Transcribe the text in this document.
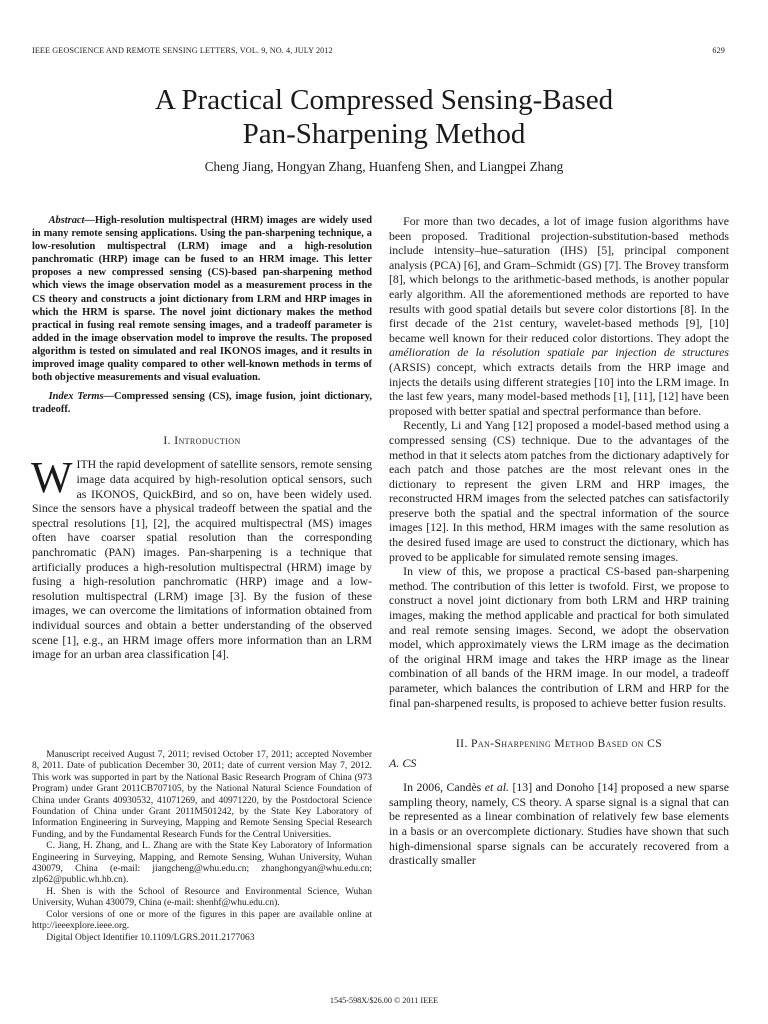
IEEE GEOSCIENCE AND REMOTE SENSING LETTERS, VOL. 9, NO. 4, JULY 2012	629
A Practical Compressed Sensing-Based
Pan-Sharpening Method
Cheng Jiang, Hongyan Zhang, Huanfeng Shen, and Liangpei Zhang

Abstract—High-resolution multispectral (HRM) images are widely used in many remote sensing applications. Using the pan-sharpening technique, a low-resolution multispectral (LRM) image and a high-resolution panchromatic (HRP) image can be fused to an HRM image. This letter proposes a new compressed sensing (CS)-based pan-sharpening method which views the image observation model as a measurement process in the CS theory and constructs a joint dictionary from LRM and HRP images in which the HRM is sparse. The novel joint dictionary makes the method practical in fusing real remote sensing images, and a tradeoff parameter is added in the image observation model to improve the results. The proposed algorithm is tested on simulated and real IKONOS images, and it results in improved image quality compared to other well-known methods in terms of both objective measurements and visual evaluation.

Index Terms—Compressed sensing (CS), image fusion, joint dictionary, tradeoff.

I. Introduction

WITH the rapid development of satellite sensors, remote sensing image data acquired by high-resolution optical sensors, such as IKONOS, QuickBird, and so on, have been widely used. Since the sensors have a physical tradeoff between the spatial and the spectral resolutions [1], [2], the acquired multispectral (MS) images often have coarser spatial resolution than the corresponding panchromatic (PAN) images. Pan-sharpening is a technique that artificially produces a high-resolution multispectral (HRM) image by fusing a high-resolution panchromatic (HRP) image and a low-resolution multispectral (LRM) image [3]. By the fusion of these images, we can overcome the limitations of information obtained from individual sources and obtain a better understanding of the observed scene [1], e.g., an HRM image offers more information than an LRM image for an urban area classification [4].

Manuscript received August 7, 2011; revised October 17, 2011; accepted November 8, 2011. Date of publication December 30, 2011; date of current version May 7, 2012. This work was supported in part by the National Basic Research Program of China (973 Program) under Grant 2011CB707105, by the National Natural Science Foundation of China under Grants 40930532, 41071269, and 40971220, by the Postdoctoral Science Foundation of China under Grant 2011M501242, by the State Key Laboratory of Information Engineering in Surveying, Mapping and Remote Sensing Special Research Funding, and by the Fundamental Research Funds for the Central Universities.

C. Jiang, H. Zhang, and L. Zhang are with the State Key Laboratory of Information Engineering in Surveying, Mapping, and Remote Sensing, Wuhan University, Wuhan 430079, China (e-mail: jiangcheng@whu.edu.cn; zhanghongyan@whu.edu.cn; zlp62@public.wh.hb.cn).

H. Shen is with the School of Resource and Environmental Science, Wuhan University, Wuhan 430079, China (e-mail: shenhf@whu.edu.cn).

Color versions of one or more of the figures in this paper are available online at http://ieeexplore.ieee.org.

Digital Object Identifier 10.1109/LGRS.2011.2177063

For more than two decades, a lot of image fusion algorithms have been proposed. Traditional projection-substitution-based methods include intensity–hue–saturation (IHS) [5], principal component analysis (PCA) [6], and Gram–Schmidt (GS) [7]. The Brovey transform [8], which belongs to the arithmetic-based methods, is another popular early algorithm. All the aforementioned methods are reported to have results with good spatial details but severe color distortions [8]. In the first decade of the 21st century, wavelet-based methods [9], [10] became well known for their reduced color distortions. They adopt the amélioration de la résolution spatiale par injection de structures (ARSIS) concept, which extracts details from the HRP image and injects the details using different strategies [10] into the LRM image. In the last few years, many model-based methods [1], [11], [12] have been proposed with better spatial and spectral performance than before.

Recently, Li and Yang [12] proposed a model-based method using a compressed sensing (CS) technique. Due to the advantages of the method in that it selects atom patches from the dictionary adaptively for each patch and those patches are the most relevant ones in the dictionary to represent the given LRM and HRP images, the reconstructed HRM images from the selected patches can satisfactorily preserve both the spatial and the spectral information of the source images [12]. In this method, HRM images with the same resolution as the desired fused image are used to construct the dictionary, which has proved to be applicable for simulated remote sensing images.

In view of this, we propose a practical CS-based pan-sharpening method. The contribution of this letter is twofold. First, we propose to construct a novel joint dictionary from both LRM and HRP training images, making the method applicable and practical for both simulated and real remote sensing images. Second, we adopt the observation model, which approximately views the LRM image as the decimation of the original HRM image and takes the HRP image as the linear combination of all bands of the HRM image. In our model, a tradeoff parameter, which balances the contribution of LRM and HRP for the final pan-sharpened results, is proposed to achieve better fusion results.

II. Pan-Sharpening Method Based on CS
A. CS

In 2006, Candès et al. [13] and Donoho [14] proposed a new sparse sampling theory, namely, CS theory. A sparse signal is a signal that can be represented as a linear combination of relatively few base elements in a basis or an overcomplete dictionary. Studies have shown that such high-dimensional sparse signals can be accurately recovered from a drastically smaller

1545-598X/$26.00 © 2011 IEEE
